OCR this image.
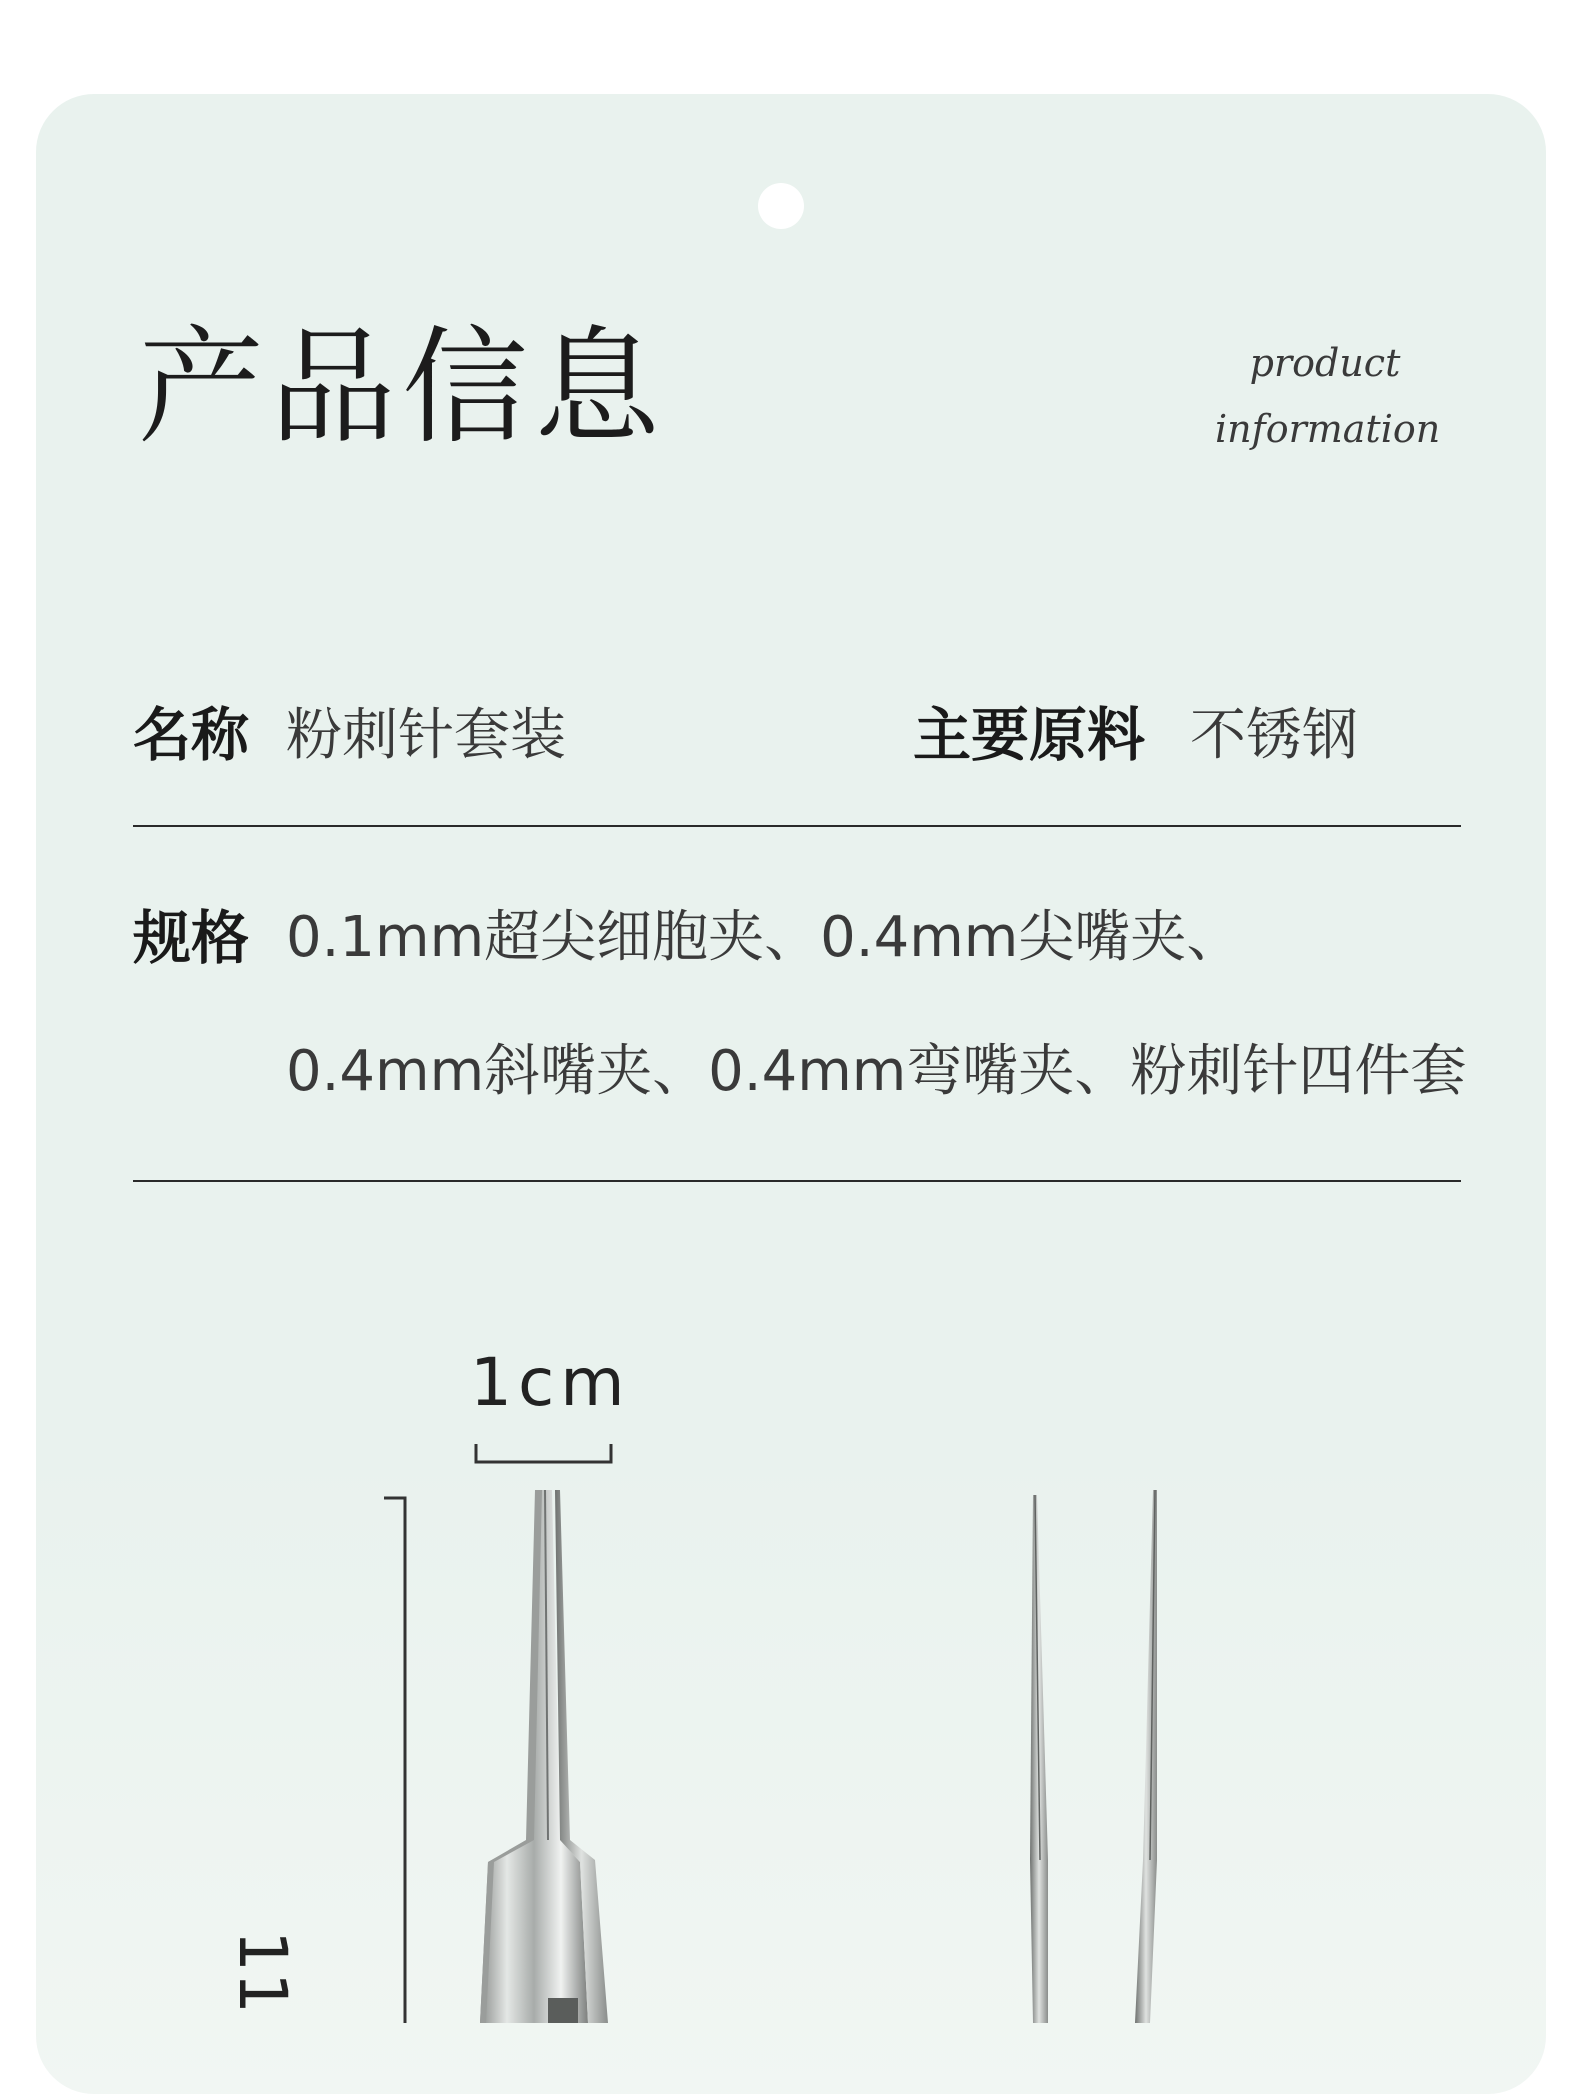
产品信息	product
information
名称 粉刺针套装	主要原料 不锈钢
规格 0.1mm超尖细胞夹、0.4mm尖嘴夹、
0.4mm斜嘴夹、0.4mm弯嘴夹、粉刺针四件套
1cm
11
